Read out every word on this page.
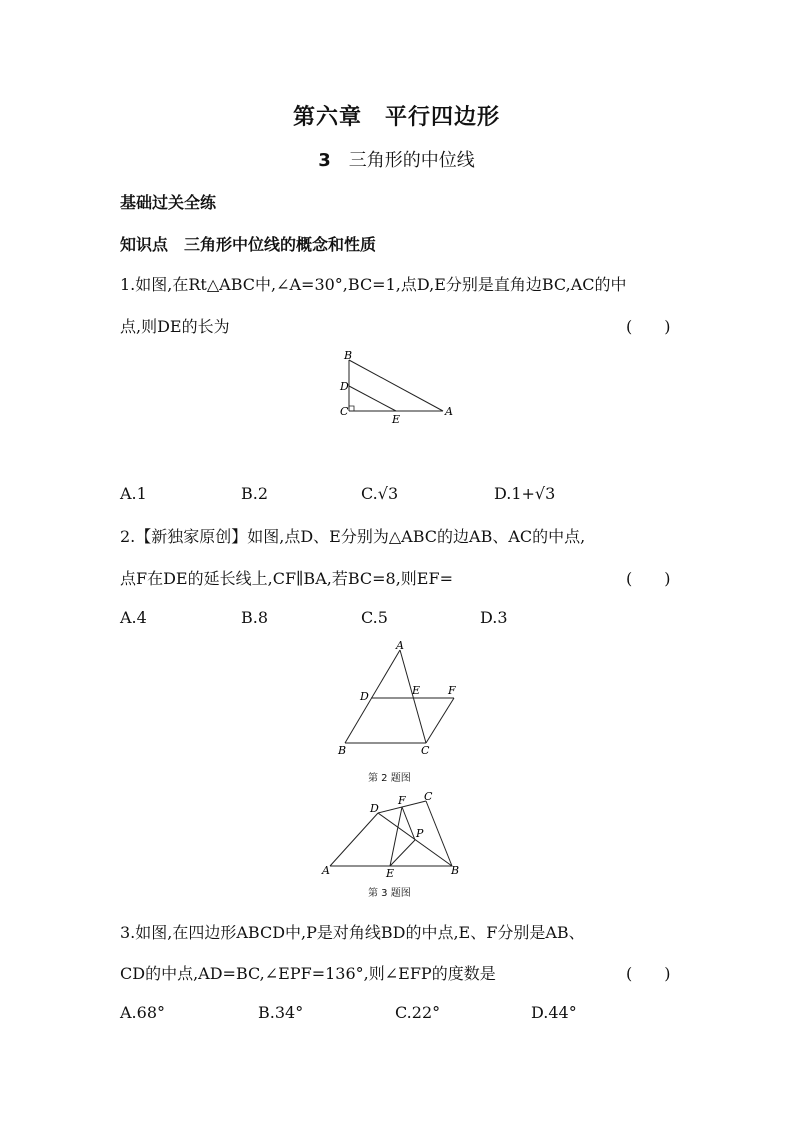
第六章　平行四边形
3 三角形的中位线
基础过关全练
知识点　三角形中位线的概念和性质
1.如图,在Rt△ABC中,∠A=30°,BC=1,点D,E分别是直角边BC,AC的中
点,则DE的长为	(　　)
B
D
C
E
A
A.1	B.2	C.√3	D.1+√3
2.【新独家原创】如图,点D、E分别为△ABC的边AB、AC的中点,
点F在DE的延长线上,CF∥BA,若BC=8,则EF=	(　　)
A.4	B.8	C.5	D.3
A
D	E	F
B	C
第 2 题图
D
F C
P
A	E	B
第 3 题图
3.如图,在四边形ABCD中,P是对角线BD的中点,E、F分别是AB、
CD的中点,AD=BC,∠EPF=136°,则∠EFP的度数是	(　　)
A.68°	B.34°	C.22°	D.44°
